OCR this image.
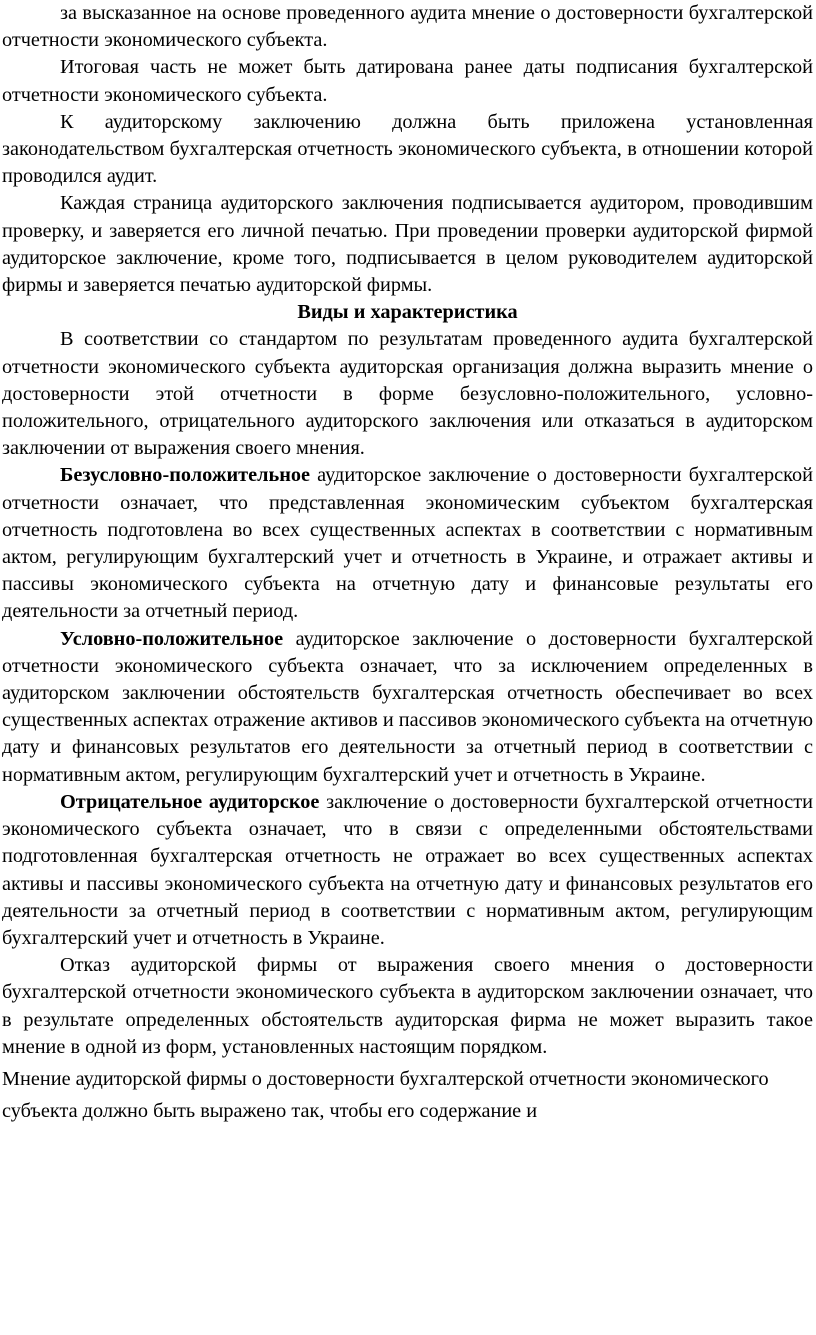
за высказанное на основе проведенного аудита мнение о достоверности бухгалтерской отчетности экономического субъекта.

Итоговая часть не может быть датирована ранее даты подписания бухгалтерской отчетности экономического субъекта.

К аудиторскому заключению должна быть приложена установленная законодательством бухгалтерская отчетность экономического субъекта, в отношении которой проводился аудит.

Каждая страница аудиторского заключения подписывается аудитором, проводившим проверку, и заверяется его личной печатью. При проведении проверки аудиторской фирмой аудиторское заключение, кроме того, подписывается в целом руководителем аудиторской фирмы и заверяется печатью аудиторской фирмы.

Виды и характеристика

В соответствии со стандартом по результатам проведенного аудита бухгалтерской отчетности экономического субъекта аудиторская организация должна выразить мнение о достоверности этой отчетности в форме безусловно-положительного, условно-положительного, отрицательного аудиторского заключения или отказаться в аудиторском заключении от выражения своего мнения.

Безусловно-положительное аудиторское заключение о достоверности бухгалтерской отчетности означает, что представленная экономическим субъектом бухгалтерская отчетность подготовлена во всех существенных аспектах в соответствии с нормативным актом, регулирующим бухгалтерский учет и отчетность в Украине, и отражает активы и пассивы экономического субъекта на отчетную дату и финансовые результаты его деятельности за отчетный период.

Условно-положительное аудиторское заключение о достоверности бухгалтерской отчетности экономического субъекта означает, что за исключением определенных в аудиторском заключении обстоятельств бухгалтерская отчетность обеспечивает во всех существенных аспектах отражение активов и пассивов экономического субъекта на отчетную дату и финансовых результатов его деятельности за отчетный период в соответствии с нормативным актом, регулирующим бухгалтерский учет и отчетность в Украине.

Отрицательное аудиторское заключение о достоверности бухгалтерской отчетности экономического субъекта означает, что в связи с определенными обстоятельствами подготовленная бухгалтерская отчетность не отражает во всех существенных аспектах активы и пассивы экономического субъекта на отчетную дату и финансовых результатов его деятельности за отчетный период в соответствии с нормативным актом, регулирующим бухгалтерский учет и отчетность в Украине.

Отказ аудиторской фирмы от выражения своего мнения о достоверности бухгалтерской отчетности экономического субъекта в аудиторском заключении означает, что в результате определенных обстоятельств аудиторская фирма не может выразить такое мнение в одной из форм, установленных настоящим порядком.

Мнение аудиторской фирмы о достоверности бухгалтерской отчетности экономического субъекта должно быть выражено так, чтобы его содержание и
